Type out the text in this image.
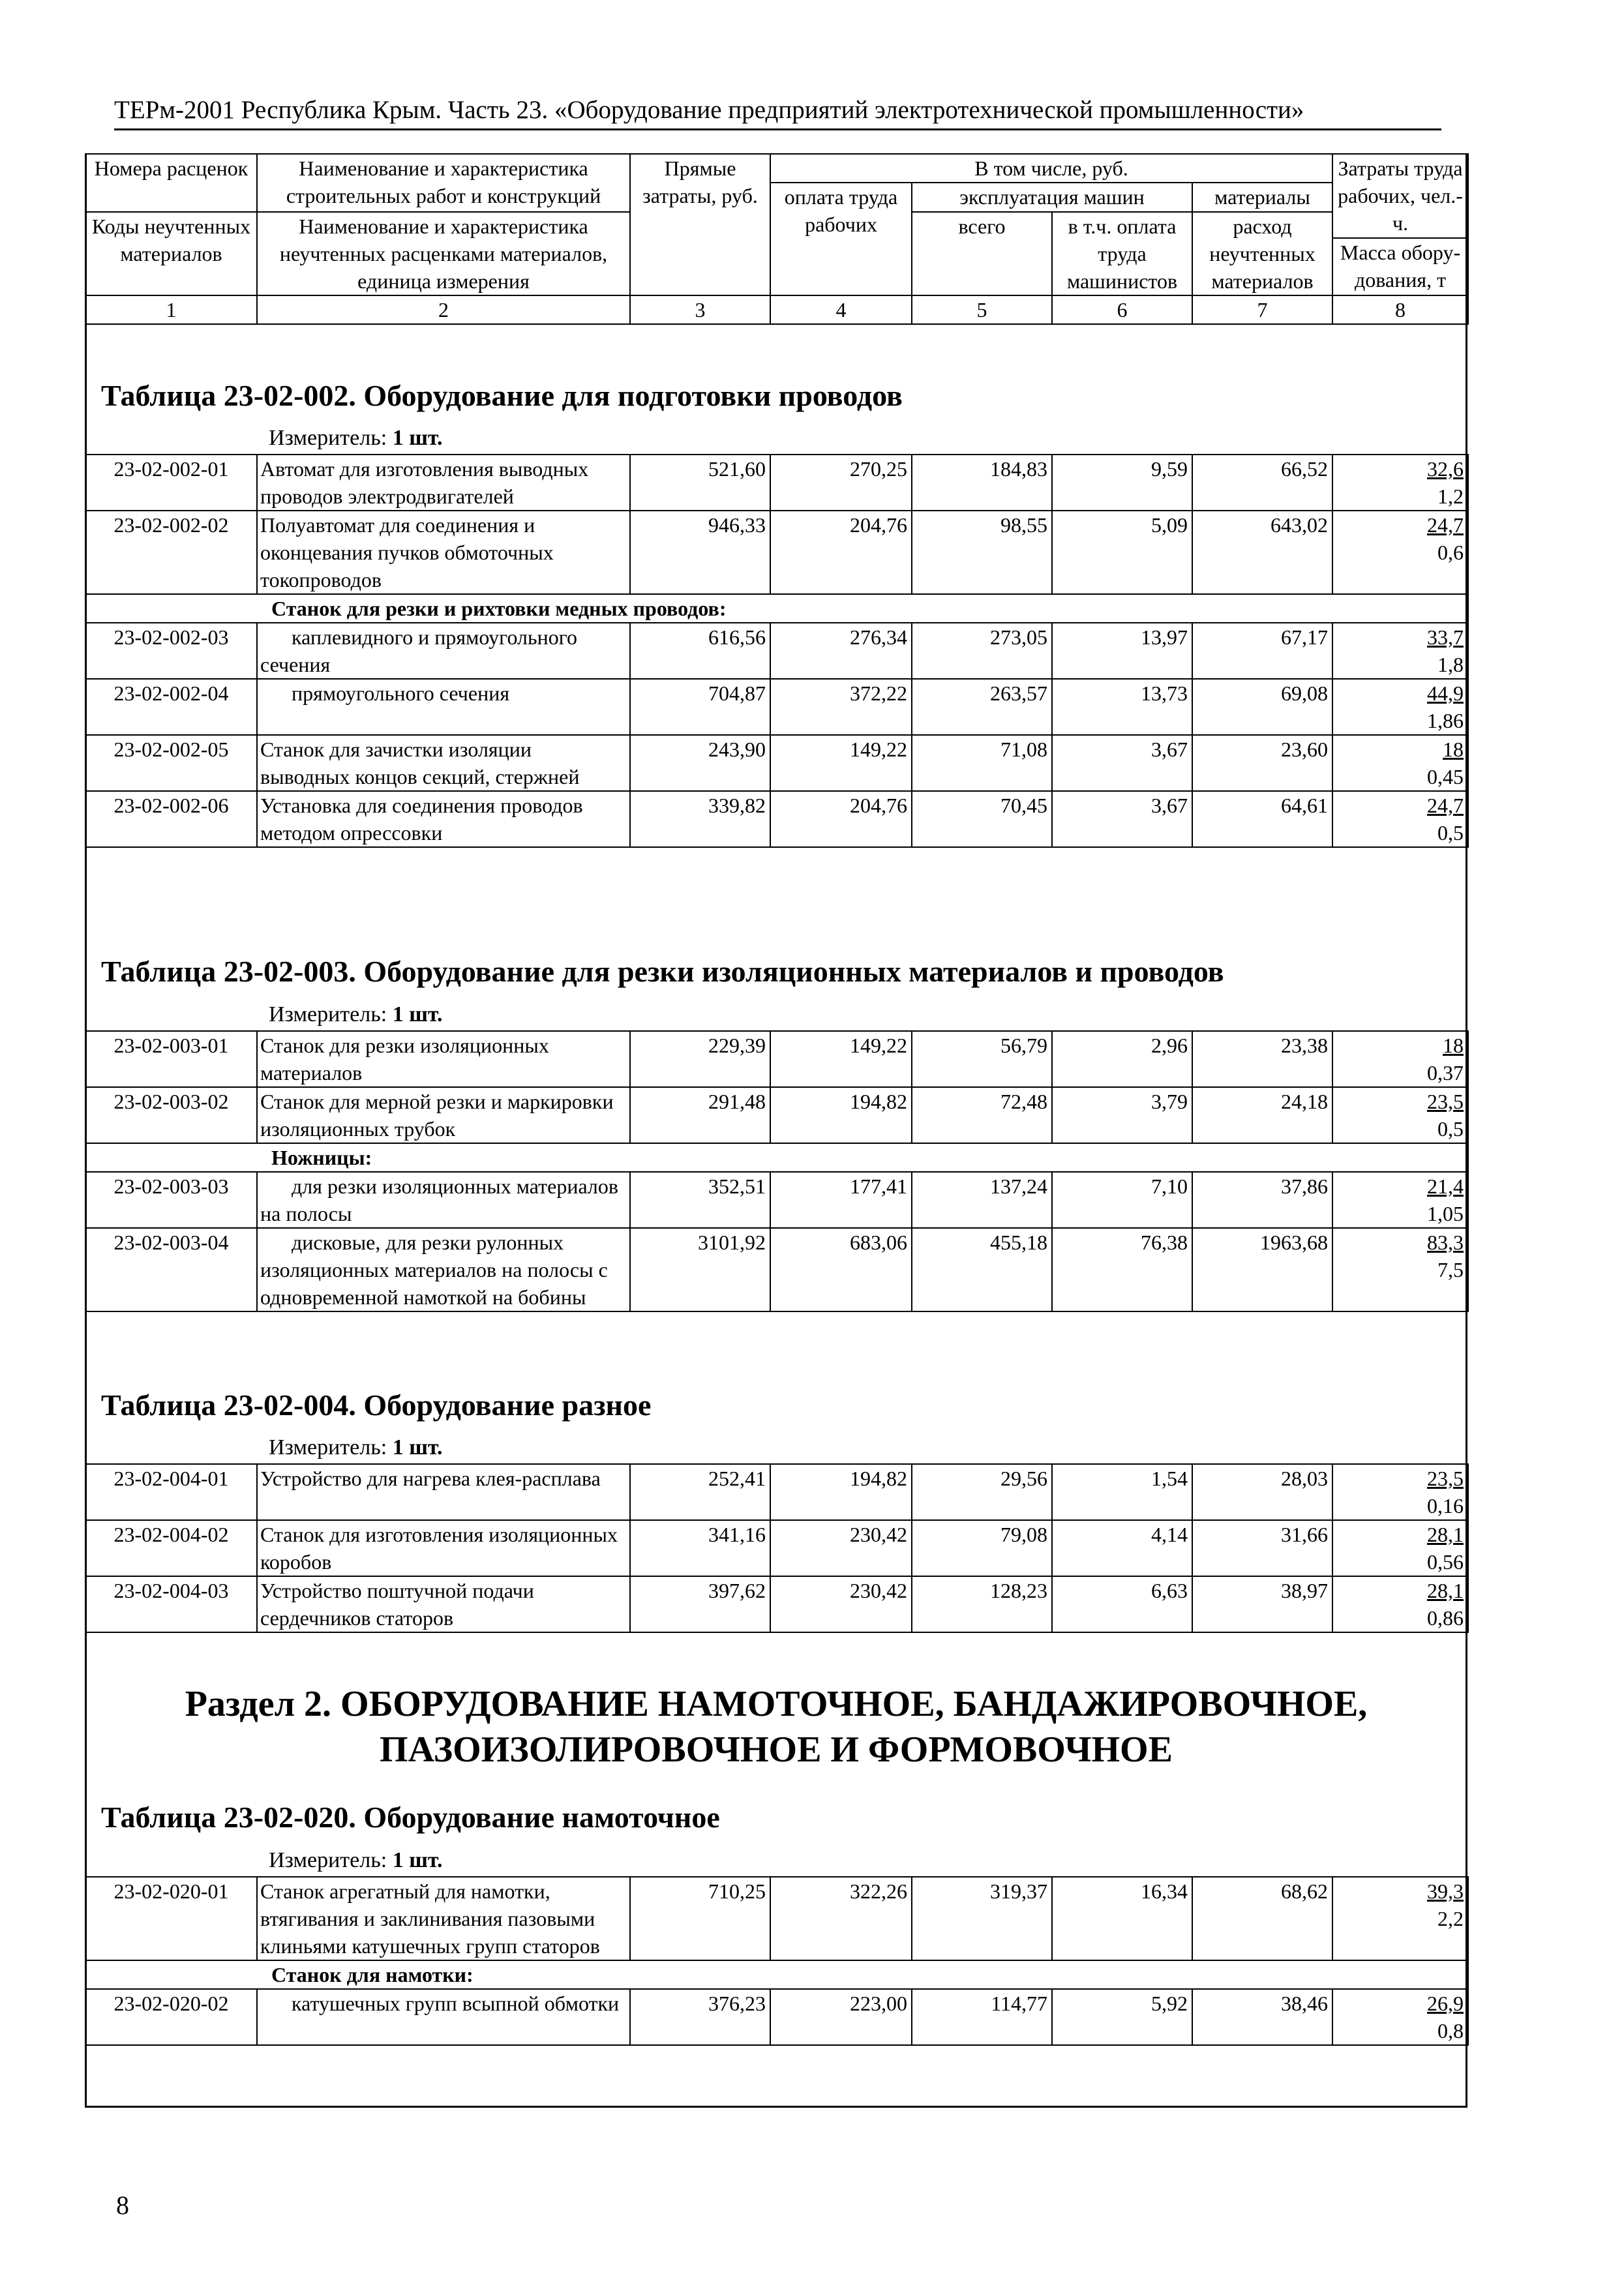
ТЕРм-2001 Республика Крым. Часть 23. «Оборудование предприятий электротехнической промышленности»
Номера расценок	Наименование и характеристика строительных работ и конструкций	Прямые затраты, руб.	В том числе, руб.				Затраты труда рабочих, чел.-ч.
			оплата труда рабочих	эксплуатация машин		материалы	
Коды неучтенных материалов	Наименование и характеристика неучтенных расценками материалов, единица измерения			всего	в т.ч. оплата труда машинистов	расход неучтенных материалов	
							Масса обору-дования, т
1	2	3	4	5	6	7	8
Таблица 23-02-002. Оборудование для подготовки проводов
Измеритель: 1 шт.
23-02-002-01	Автомат для изготовления выводных проводов электродвигателей	521,60	270,25	184,83	9,59	66,52	32,6
1,2

23-02-002-02	Полуавтомат для соединения и оконцевания пучков обмоточных токопроводов	946,33	204,76	98,55	5,09	643,02	24,7
0,6

Станок для резки и рихтовки медных проводов:							
23-02-002-03	каплевидного и прямоугольного сечения	616,56	276,34	273,05	13,97	67,17	33,7
1,8

23-02-002-04	прямоугольного сечения	704,87	372,22	263,57	13,73	69,08	44,9
1,86

23-02-002-05	Станок для зачистки изоляции выводных концов секций, стержней	243,90	149,22	71,08	3,67	23,60	18
0,45

23-02-002-06	Установка для соединения проводов методом опрессовки	339,82	204,76	70,45	3,67	64,61	24,7
0,5
Таблица 23-02-003. Оборудование для резки изоляционных материалов и проводов
Измеритель: 1 шт.
23-02-003-01	Станок для резки изоляционных материалов	229,39	149,22	56,79	2,96	23,38	18
0,37

23-02-003-02	Станок для мерной резки и маркировки изоляционных трубок	291,48	194,82	72,48	3,79	24,18	23,5
0,5

Ножницы:							
23-02-003-03	для резки изоляционных материалов на полосы	352,51	177,41	137,24	7,10	37,86	21,4
1,05

23-02-003-04	дисковые, для резки рулонных изоляционных материалов на полосы с одновременной намоткой на бобины	3101,92	683,06	455,18	76,38	1963,68	83,3
7,5
Таблица 23-02-004. Оборудование разное
Измеритель: 1 шт.
23-02-004-01	Устройство для нагрева клея-расплава	252,41	194,82	29,56	1,54	28,03	23,5
0,16

23-02-004-02	Станок для изготовления изоляционных коробов	341,16	230,42	79,08	4,14	31,66	28,1
0,56

23-02-004-03	Устройство поштучной подачи сердечников статоров	397,62	230,42	128,23	6,63	38,97	28,1
0,86
Раздел 2. ОБОРУДОВАНИЕ НАМОТОЧНОЕ, БАНДАЖИРОВОЧНОЕ,
ПАЗОИЗОЛИРОВОЧНОЕ И ФОРМОВОЧНОЕ
Таблица 23-02-020. Оборудование намоточное
Измеритель: 1 шт.
23-02-020-01	Станок агрегатный для намотки, втягивания и заклинивания пазовыми клиньями катушечных групп статоров	710,25	322,26	319,37	16,34	68,62	39,3
2,2

Станок для намотки:							
23-02-020-02	катушечных групп всыпной обмотки	376,23	223,00	114,77	5,92	38,46	26,9
0,8
8
